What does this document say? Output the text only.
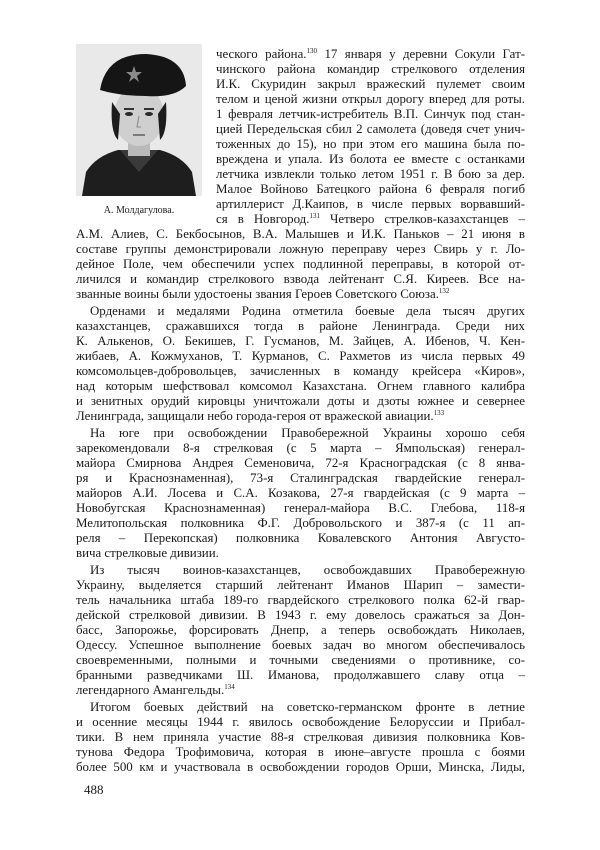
А. Молдагулова.
ческого района.$^{130}$ 17 января у деревни Сокули Гат-
чинского района командир стрелкового отделения
И.К. Скуридин закрыл вражеский пулемет своим
телом и ценой жизни открыл дорогу вперед для роты.
1 февраля летчик-истребитель В.П. Синчук под стан-
цией Передельская сбил 2 самолета (доведя счет унич-
тоженных до 15), но при этом его машина была по-
вреждена и упала. Из болота ее вместе с останками
летчика извлекли только летом 1951 г. В бою за дер.
Малое Войново Батецкого района 6 февраля погиб
артиллерист Д.Каипов, в числе первых ворвавший-
ся в Новгород.$^{131}$ Четверо стрелков-казахстанцев –
А.М. Алиев, С. Бекбосынов, В.А. Малышев и И.К. Паньков – 21 июня в
составе группы демонстрировали ложную переправу через Свирь у г. Ло-
дейное Поле, чем обеспечили успех подлинной переправы, в которой от-
личился и командир стрелкового взвода лейтенант С.Я. Киреев. Все на-
званные воины были удостоены звания Героев Советского Союза.$^{132}$
Орденами и медалями Родина отметила боевые дела тысяч других
казахстанцев, сражавшихся тогда в районе Ленинграда. Среди них
К. Алькенов, О. Бекишев, Г. Гусманов, М. Зайцев, А. Ибенов, Ч. Кен-
жибаев, А. Кожмуханов, Т. Курманов, С. Рахметов из числа первых 49
комсомольцев-добровольцев, зачисленных в команду крейсера «Киров»,
над которым шефствовал комсомол Казахстана. Огнем главного калибра
и зенитных орудий кировцы уничтожали доты и дзоты южнее и севернее
Ленинграда, защищали небо города-героя от вражеской авиации.$^{133}$
На юге при освобождении Правобережной Украины хорошо себя
зарекомендовали 8-я стрелковая (с 5 марта – Ямпольская) генерал-
майора Смирнова Андрея Семеновича, 72-я Красноградская (с 8 янва-
ря и Краснознаменная), 73-я Сталинградская гвардейские генерал-
майоров А.И. Лосева и С.А. Козакова, 27-я гвардейская (с 9 марта –
Новобугская Краснознаменная) генерал-майора В.С. Глебова, 118-я
Мелитопольская полковника Ф.Г. Добровольского и 387-я (с 11 ап-
реля – Перекопская) полковника Ковалевского Антония Августо-
вича стрелковые дивизии.
Из тысяч воинов-казахстанцев, освобождавших Правобережную
Украину, выделяется старший лейтенант Иманов Шарип – замести-
тель начальника штаба 189-го гвардейского стрелкового полка 62-й гвар-
дейской стрелковой дивизии. В 1943 г. ему довелось сражаться за Дон-
басс, Запорожье, форсировать Днепр, а теперь освобождать Николаев,
Одессу. Успешное выполнение боевых задач во многом обеспечивалось
своевременными, полными и точными сведениями о противнике, со-
бранными разведчиками Ш. Иманова, продолжавшего славу отца –
легендарного Амангельды.$^{134}$
Итогом боевых действий на советско-германском фронте в летние
и осенние месяцы 1944 г. явилось освобождение Белоруссии и Прибал-
тики. В нем приняла участие 88-я стрелковая дивизия полковника Ков-
тунова Федора Трофимовича, которая в июне–августе прошла с боями
более 500 км и участвовала в освобождении городов Орши, Минска, Лиды,
488
